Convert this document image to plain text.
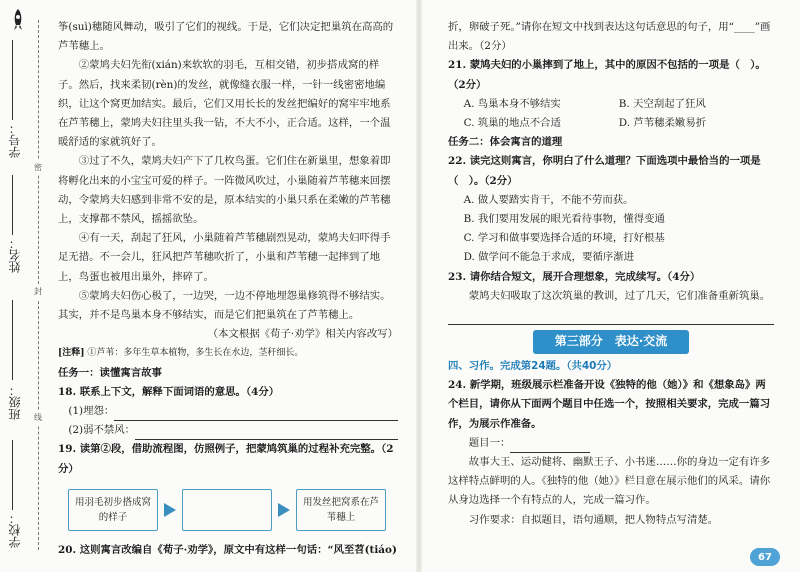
密
封
线
学号：
姓名：
班级：
学校：

筝(suì)穗随风舞动，吸引了它们的视线。于是，它们决定把巢筑在高高的芦苇穗上。

②蒙鸠夫妇先衔(xián)来软软的羽毛，互相交错，初步搭成窝的样子。然后，找来柔韧(rèn)的发丝，就像缝衣服一样，一针一线密密地编织，让这个窝更加结实。最后，它们又用长长的发丝把编好的窝牢牢地系在芦苇穗上，蒙鸠夫妇往里头我一钻，不大不小，正合适。这样，一个温暖舒适的家就筑好了。

③过了不久，蒙鸠夫妇产下了几枚鸟蛋。它们住在新巢里，想象着即将孵化出来的小宝宝可爱的样子。一阵微风吹过，小巢随着芦苇穗来回摆动，令蒙鸠夫妇感到非常不安的是，原本结实的小巢只系在柔嫩的芦苇穗上，支撑都不禁风，摇摇欲坠。

④有一天，刮起了狂风，小巢随着芦苇穗剧烈晃动，蒙鸠夫妇吓得手足无措。不一会儿，狂风把芦苇穗吹折了，小巢和芦苇穗一起摔到了地上，鸟蛋也被甩出巢外，摔碎了。

⑤蒙鸠夫妇伤心极了，一边哭，一边不停地埋怨巢修筑得不够结实。其实，并不是鸟巢本身不够结实，而是它们把巢筑在了芦苇穗上。

（本文根据《荀子·劝学》相关内容改写）

[注释] ①芦苇：多年生草本植物，多生长在水边，茎秆细长。

任务一：读懂寓言故事

18. 联系上下文，解释下面词语的意思。（4分）

(1)埋怨：
(2)弱不禁风：

19. 读第②段，借助流程图，仿照例子，把蒙鸠筑巢的过程补充完整。（2分）

用羽毛初步搭成窝的样子
用发丝把窝系在芦苇穗上

20. 这则寓言改编自《荀子·劝学》，原文中有这样一句话：“风至苕(tiáo)

折，卵破子死。”请你在短文中找到表达这句话意思的句子，用“____”画出来。（2分）

21. 蒙鸠夫妇的小巢摔到了地上，其中的原因不包括的一项是（　）。（2分）

A. 鸟巢本身不够结实	B. 天空刮起了狂风
C. 筑巢的地点不合适	D. 芦苇穗柔嫩易折

任务二：体会寓言的道理

22. 读完这则寓言，你明白了什么道理？下面选项中最恰当的一项是（　）。（2分）

A. 做人要踏实肯干，不能不劳而获。

B. 我们要用发展的眼光看待事物，懂得变通

C. 学习和做事要选择合适的环境，打好根基

D. 做学问不能急于求成，要循序渐进

23. 请你结合短文，展开合理想象，完成续写。（4分）

蒙鸠夫妇吸取了这次筑巢的教训，过了几天，它们准备重新筑巢。

第三部分　表达·交流

四、习作。完成第24题。（共40分）

24. 新学期，班级展示栏准备开设《独特的他（她）》和《想象岛》两个栏目，请你从下面两个题目中任选一个，按照相关要求，完成一篇习作，为展示作准备。

题目一：

故事大王、运动健将、幽默王子、小书迷……你的身边一定有许多这样特点鲜明的人。《独特的他（她）》栏目意在展示他们的风采。请你从身边选择一个有特点的人，完成一篇习作。

习作要求：自拟题目，语句通顺，把人物特点写清楚。

67
